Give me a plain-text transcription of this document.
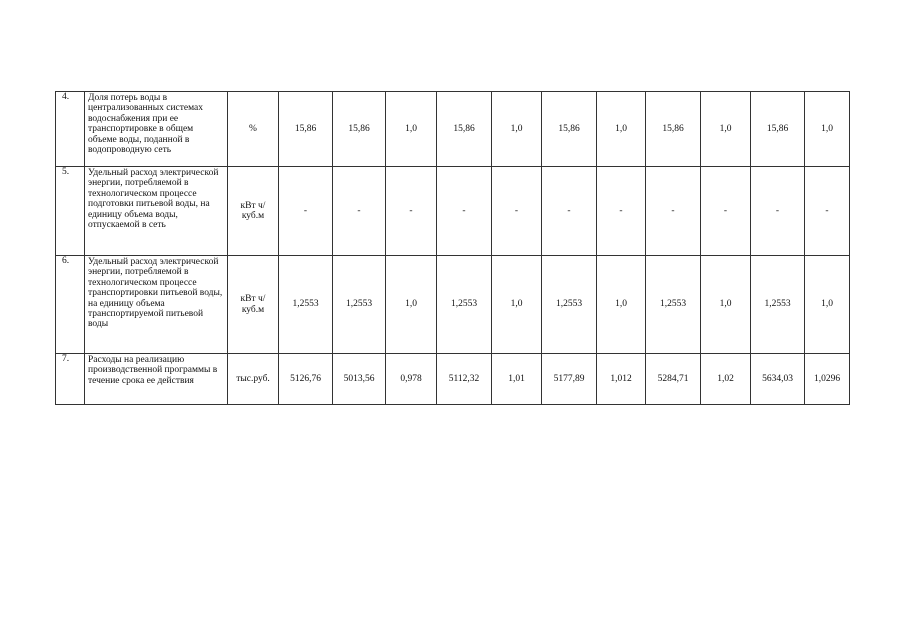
4.	Доля потерь воды в централизованных системах водоснабжения при ее транспортировке в общем объеме воды, поданной в водопроводную сеть	%	15,86	15,86	1,0	15,86	1,0	15,86	1,0	15,86	1,0	15,86	1,0
5.	Удельный расход электрической энергии, потребляемой в технологическом процессе подготовки питьевой воды, на единицу объема воды, отпускаемой в сеть	кВт ч/куб.м	-	-	-	-	-	-	-	-	-	-	-
6.	Удельный расход электрической энергии, потребляемой в технологическом процессе транспортировки питьевой воды, на единицу объема транспортируемой питьевой воды	кВт ч/куб.м	1,2553	1,2553	1,0	1,2553	1,0	1,2553	1,0	1,2553	1,0	1,2553	1,0
7.	Расходы на реализацию производственной программы в течение срока ее действия	тыс.руб.	5126,76	5013,56	0,978	5112,32	1,01	5177,89	1,012	5284,71	1,02	5634,03	1,0296
